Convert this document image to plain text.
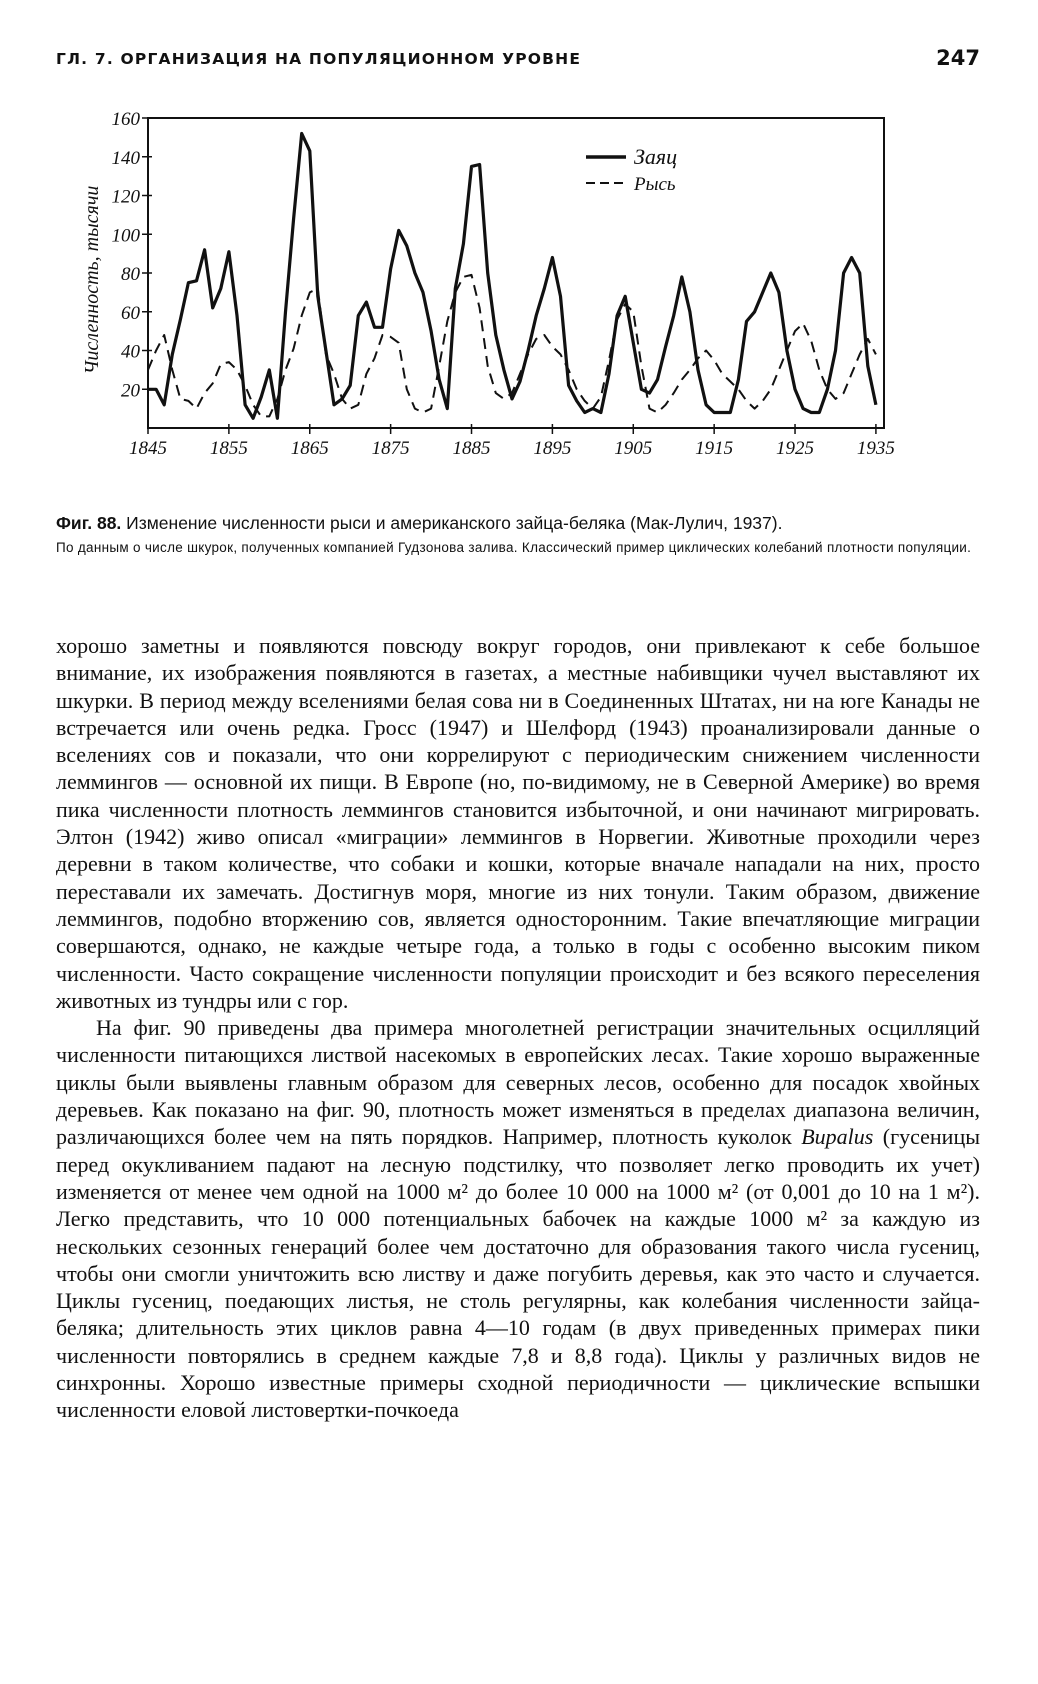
ГЛ. 7. ОРГАНИЗАЦИЯ НА ПОПУЛЯЦИОННОМ УРОВНЕ	247
20
40
60
80
100
120
140
160
1845 1855 1865 1875 1885 1895 1905 1915 1925 1935
Заяц
Рысь
Численность, тысячи

Фиг. 88. Изменение численности рыси и американского зайца-беляка (Мак-Лулич, 1937).

По данным о числе шкурок, полученных компанией Гудзонова залива. Классический пример циклических колебаний плотности популяции.

хорошо заметны и появляются повсюду вокруг городов, они привлекают к себе большое внимание, их изображения появляются в газетах, а местные набивщики чучел выставляют их шкурки. В период между вселениями белая сова ни в Соединенных Штатах, ни на юге Канады не встречается или очень редка. Гросс (1947) и Шелфорд (1943) проанализировали данные о вселениях сов и показали, что они коррелируют с периодическим снижением численности леммингов — основной их пищи. В Европе (но, по-видимому, не в Северной Америке) во время пика численности плотность леммингов становится избыточной, и они начинают мигрировать. Элтон (1942) живо описал «миграции» леммингов в Норвегии. Животные проходили через деревни в таком количестве, что собаки и кошки, которые вначале нападали на них, просто переставали их замечать. Достигнув моря, многие из них тонули. Таким образом, движение леммингов, подобно вторжению сов, является односторонним. Такие впечатляющие миграции совершаются, однако, не каждые четыре года, а только в годы с особенно высоким пиком численности. Часто сокращение численности популяции происходит и без всякого переселения животных из тундры или с гор.

На фиг. 90 приведены два примера многолетней регистрации значительных осцилляций численности питающихся листвой насекомых в европейских лесах. Такие хорошо выраженные циклы были выявлены главным образом для северных лесов, особенно для посадок хвойных деревьев. Как показано на фиг. 90, плотность может изменяться в пределах диапазона величин, различающихся более чем на пять порядков. Например, плотность куколок Bupalus (гусеницы перед окукливанием падают на лесную подстилку, что позволяет легко проводить их учет) изменяется от менее чем одной на 1000 м² до более 10 000 на 1000 м² (от 0,001 до 10 на 1 м²). Легко представить, что 10 000 потенциальных бабочек на каждые 1000 м² за каждую из нескольких сезонных генераций более чем достаточно для образования такого числа гусениц, чтобы они смогли уничтожить всю листву и даже погубить деревья, как это часто и случается. Циклы гусениц, поедающих листья, не столь регулярны, как колебания численности зайца-беляка; длительность этих циклов равна 4—10 годам (в двух приведенных примерах пики численности повторялись в среднем каждые 7,8 и 8,8 года). Циклы у различных видов не синхронны. Хорошо известные примеры сходной периодичности — циклические вспышки численности еловой листовертки-почкоеда
